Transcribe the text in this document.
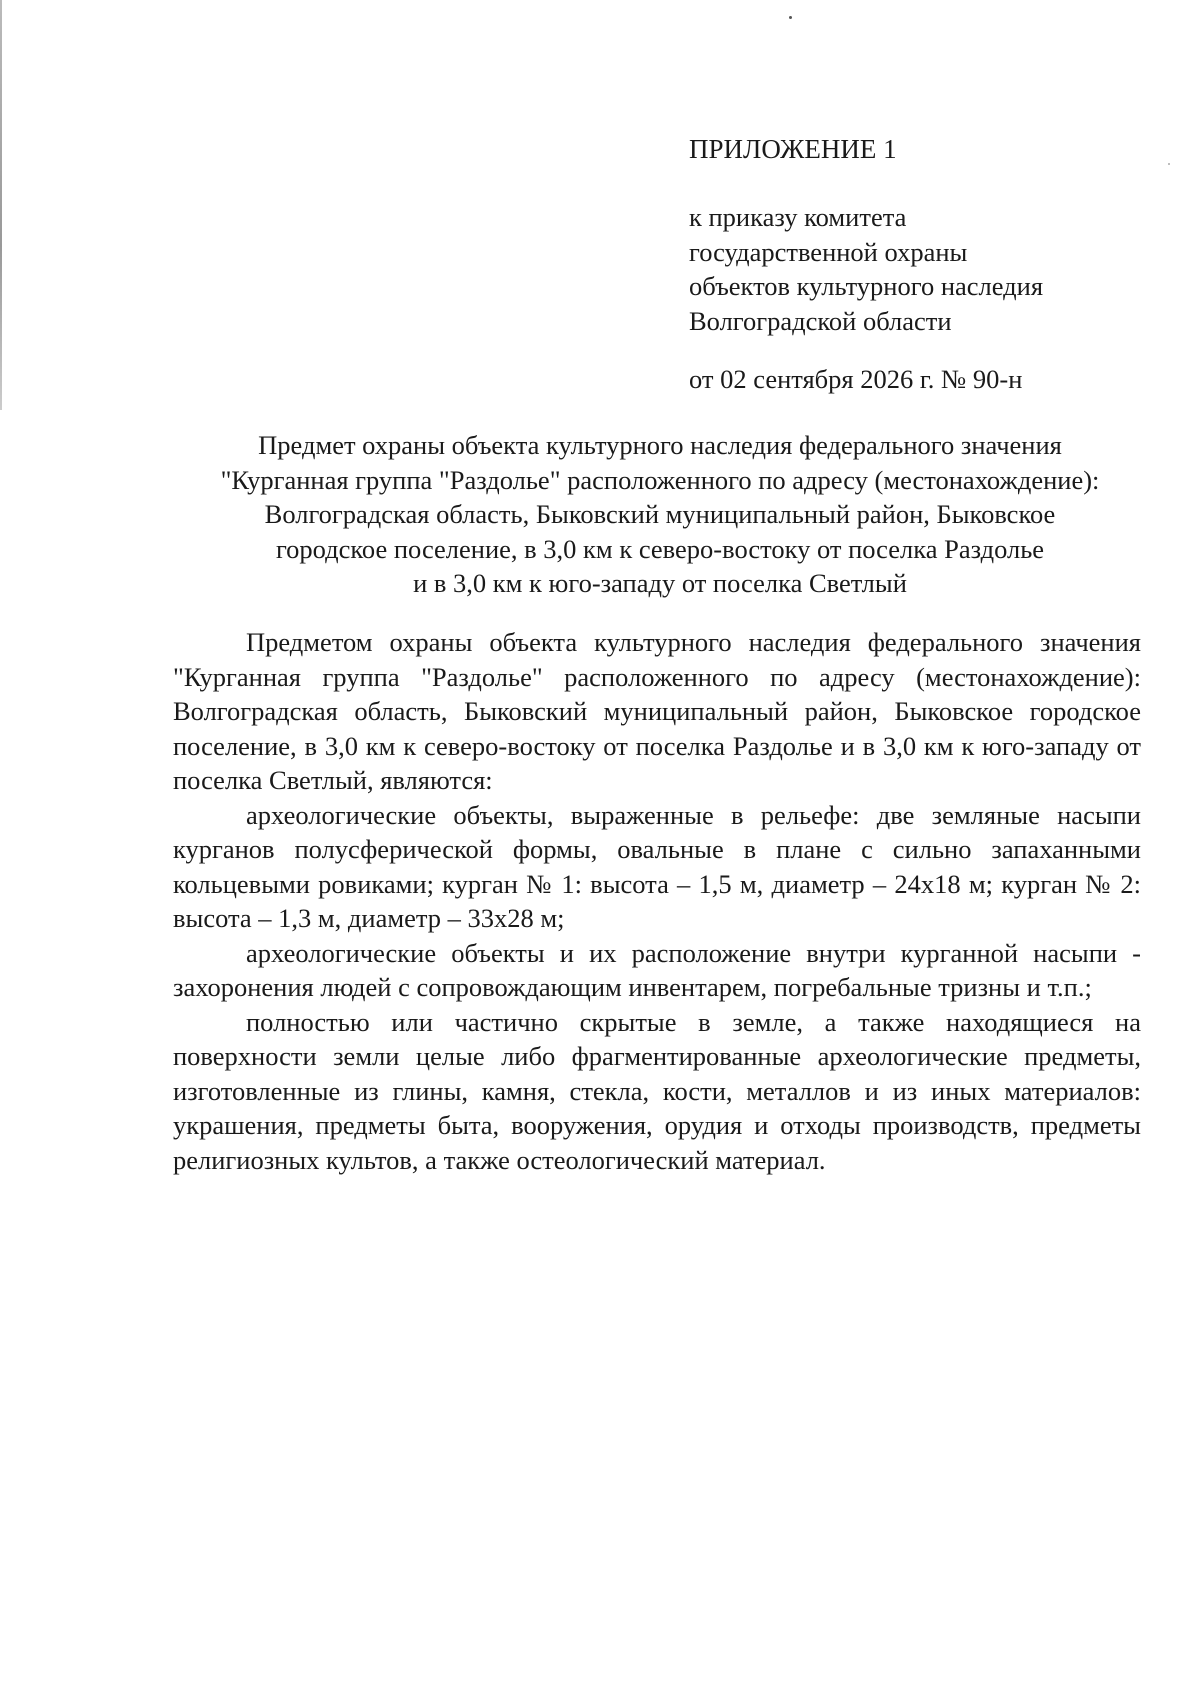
ПРИЛОЖЕНИЕ 1
к приказу комитета
государственной охраны
объектов культурного наследия
Волгоградской области
от 02 сентября 2026 г. № 90-н
Предмет охраны объекта культурного наследия федерального значения
"Курганная группа "Раздолье" расположенного по адресу (местонахождение):
Волгоградская область, Быковский муниципальный район, Быковское
городское поселение, в 3,0 км к северо-востоку от поселка Раздолье
и в 3,0 км к юго-западу от поселка Светлый

Предметом охраны объекта культурного наследия федерального значения "Курганная группа "Раздолье" расположенного по адресу (местонахождение): Волгоградская область, Быковский муниципальный район, Быковское городское поселение, в 3,0 км к северо-востоку от поселка Раздолье и в 3,0 км к юго-западу от поселка Светлый, являются:

археологические объекты, выраженные в рельефе: две земляные насыпи курганов полусферической формы, овальные в плане с сильно запаханными кольцевыми ровиками; курган № 1: высота – 1,5 м, диаметр – 24x18 м; курган № 2: высота – 1,3 м, диаметр – 33x28 м;

археологические объекты и их расположение внутри курганной насыпи - захоронения людей с сопровождающим инвентарем, погребальные тризны и т.п.;

полностью или частично скрытые в земле, а также находящиеся на поверхности земли целые либо фрагментированные археологические предметы, изготовленные из глины, камня, стекла, кости, металлов и из иных материалов: украшения, предметы быта, вооружения, орудия и отходы производств, предметы религиозных культов, а также остеологический материал.
